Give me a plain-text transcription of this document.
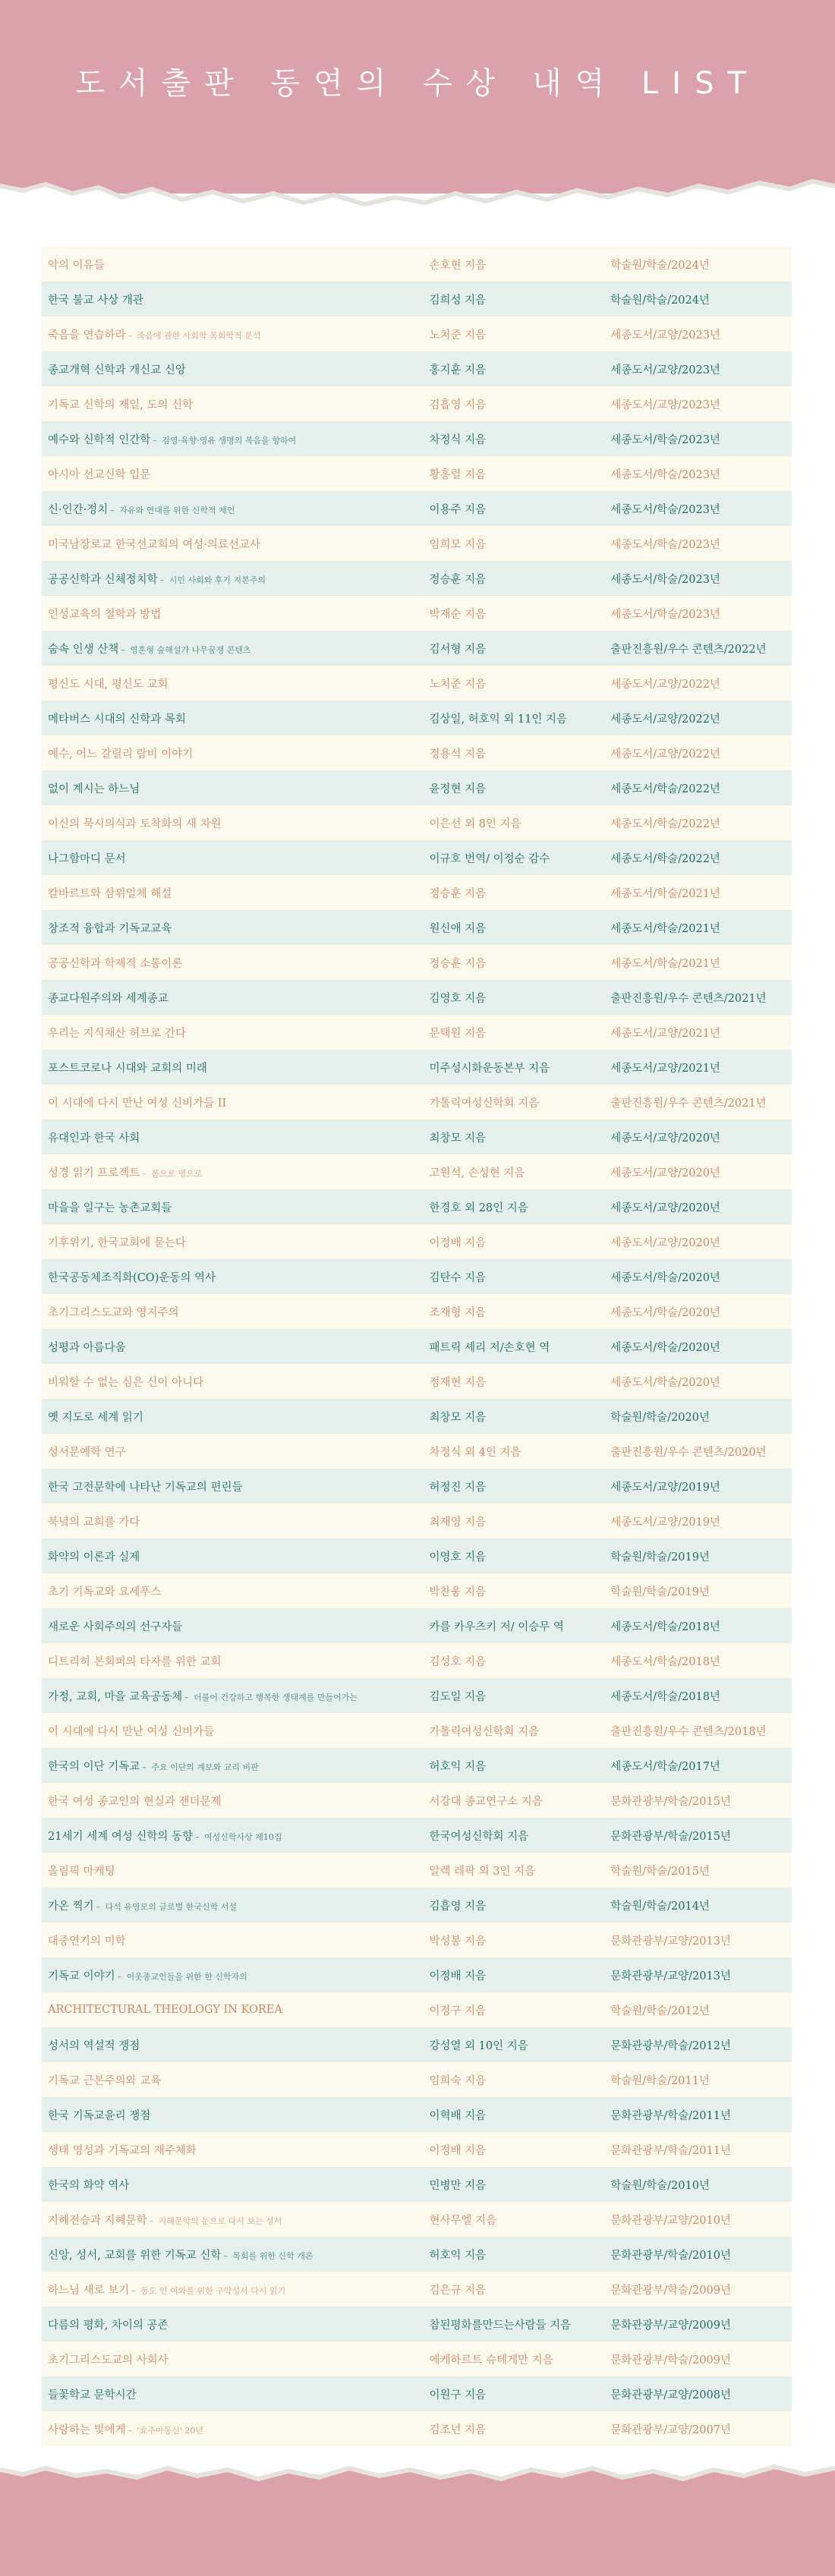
도서출판 동연의 수상 내역 LIST
악의 이유들	손호현 지음	학술원/학술/2024년
한국 불교 사상 개관	김희성 지음	학술원/학술/2024년
죽음을 연습하라 – 죽음에 관한 사회학 목회학적 분석	노치준 지음	세종도서/교양/2023년
종교개혁 신학과 개신교 신앙	홍지훈 지음	세종도서/교양/2023년
기독교 신학의 재일, 도의 신학	김흡영 지음	세종도서/교양/2023년
예수와 신학적 인간학 – 김영·육향·영유 생명의 복음을 향하여	차정식 지음	세종도서/학술/2023년
아시아 선교신학 입문	황홍렬 지음	세종도서/학술/2023년
신·인간·정치 – 자유와 연대를 위한 신학적 제언	이용주 지음	세종도서/학술/2023년
미국남장로교 한국선교회의 여성·의료선교사	임희모 지음	세종도서/학술/2023년
공공신학과 신체정치학 – 시민 사회와 후기 지본주의	정승훈 지음	세종도서/학술/2023년
인성교육의 철학과 방법	박재순 지음	세종도서/학술/2023년
숨속 인생 산책 – 영혼형 숲해설가 나무꿈쟁 콘텐츠	김서형 지음	출판진흥원/우수 콘텐츠/2022년
평신도 시대, 평신도 교회	노치준 지음	세종도서/교양/2022년
메타버스 시대의 신학과 목회	김상일, 허호익 외 11인 지음	세종도서/교양/2022년
예수, 어느 갈릴리 람비 이야기	정용석 지음	세종도서/교양/2022년
없이 계시는 하느님	윤정현 지음	세종도서/학술/2022년
이신의 묵시의식과 토착화의 새 차원	이은선 외 8인 지음	세종도서/학술/2022년
나그함마디 문서	이규호 번역/ 이정순 감수	세종도서/학술/2022년
칼바르트와 삼위일체 해설	정승훈 지음	세종도서/학술/2021년
창조적 융합과 기독교교육	원신애 지음	세종도서/학술/2021년
공공신학과 학제적 소통이론	정승훈 지음	세종도서/학술/2021년
종교다원주의와 세계종교	김영호 지음	출판진흥원/우수 콘텐츠/2021년
우리는 지식채산 허브로 간다	문택원 지음	세종도서/교양/2021년
포스트코로나 시대와 교회의 미래	미주성시화운동본부 지음	세종도서/교양/2021년
이 시대에 다시 만난 여성 신비가들 II	가톨릭여성신학회 지음	출판진흥원/우수 콘텐츠/2021년
유대인과 한국 사회	최창모 지음	세종도서/교양/2020년
성경 읽기 프로젝트 – 폼으로 영으로	고원석, 손성현 지음	세종도서/교양/2020년
마을을 일구는 농촌교회들	한경호 외 28인 지음	세종도서/교양/2020년
기후위기, 한국교회에 묻는다	이정배 지음	세종도서/교양/2020년
한국공동체조직화(CO)운동의 역사	김탄수 지음	세종도서/학술/2020년
초기그리스도교와 영지주의	조재형 지음	세종도서/학술/2020년
성평과 아름다움	패트릭 셰리 저/손호현 역	세종도서/학술/2020년
비워할 수 없는 심은 신이 아니다	정재현 지음	세종도서/학술/2020년
옛 지도로 세계 읽기	최창모 지음	학술원/학술/2020년
성서문예학 연구	차정식 외 4인 지음	출판진흥원/우수 콘텐츠/2020년
한국 고전문학에 나타난 기독교의 편린들	허정진 지음	세종도서/교양/2019년
북녘의 교회를 가다	최재영 지음	세종도서/교양/2019년
화약의 이론과 실제	이영호 지음	학술원/학술/2019년
초기 기독교와 요세푸스	박찬웅 지음	학술원/학술/2019년
새로운 사회주의의 선구자들	카를 카우츠키 저/ 이승무 역	세종도서/학술/2018년
디트리히 본회퍼의 타자를 위한 교회	김성호 지음	세종도서/학술/2018년
가정, 교회, 마을 교육공동체 – 더불어 건강하고 행복한 생태계를 만들어가는	김도일 지음	세종도서/학술/2018년
이 시대에 다시 만난 여성 신비가들	가톨릭여성신학회 지음	출판진흥원/우수 콘텐츠/2018년
한국의 이단 기독교 – 주요 이단의 계보와 교리 비판	허호익 지음	세종도서/학술/2017년
한국 여성 종교인의 현실과 젠더문제	서강대 종교연구소 지음	문화관광부/학술/2015년
21세기 세계 여성 신학의 동향 – 여성신학사상 제10집	한국여성신학회 지음	문화관광부/학술/2015년
올림픽 마케팅	알렉 레팍 외 3인 지음	학술원/학술/2015년
가온 찍기 – 다석 유영모의 글로벌 한국신학 서설	김흡영 지음	학술원/학술/2014년
대중연기의 미학	박성봉 지음	문화관광부/교양/2013년
기독교 이야기 – 이웃종교인들을 위한 한 신학자의	이정배 지음	문화관광부/교양/2013년
ARCHITECTURAL THEOLOGY IN KOREA	이정구 지음	학술원/학술/2012년
성서의 역설적 쟁점	강성열 외 10인 지음	문화관광부/학술/2012년
기독교 근본주의와 교육	임희숙 지음	학술원/학술/2011년
한국 기독교윤리 쟁점	이혁배 지음	문화관광부/학술/2011년
생태 영성과 기독교의 재주체화	이정배 지음	문화관광부/학술/2011년
한국의 화약 역사	민병만 지음	학술원/학술/2010년
지혜전승과 지혜문학 – 지혜문학의 눈으로 다시 보는 성서	현사무엘 지음	문화관광부/교양/2010년
신앙, 성서, 교회를 위한 기독교 신학 – 목회를 위한 신학 개론	허호익 지음	문화관광부/학술/2010년
하느님 새로 보기 – 동도 인 여와를 위한 구약성서 다시 읽기	김은규 지음	문화관광부/학술/2009년
다름의 평화, 차이의 공존	참된평화를만드는사람들 지음	문화관광부/교양/2009년
초기그리스도교의 사회사	에케하르트 슈테게만 지음	문화관광부/학술/2009년
들꽃학교 문학시간	이원구 지음	문화관광부/교양/2008년
사랑하는 빛에게 – '효주아동신' 20년	김조년 지음	문화관광부/교양/2007년
